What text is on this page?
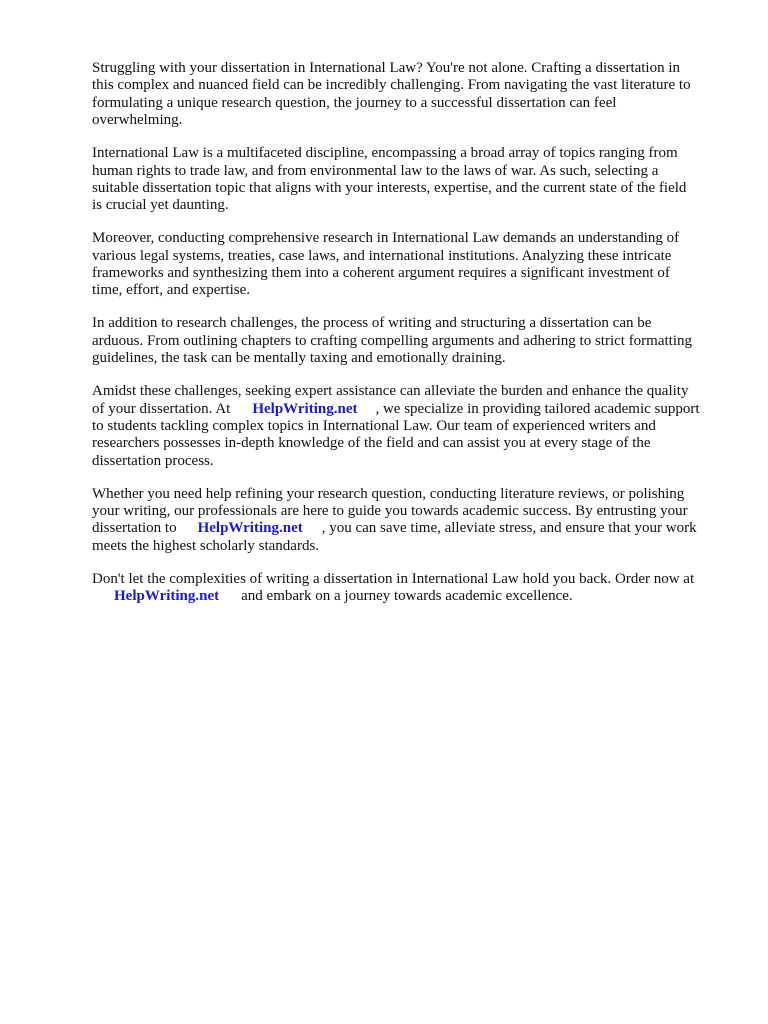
Struggling with your dissertation in International Law? You're not alone. Crafting a dissertation in
this complex and nuanced field can be incredibly challenging. From navigating the vast literature to
formulating a unique research question, the journey to a successful dissertation can feel
overwhelming.

International Law is a multifaceted discipline, encompassing a broad array of topics ranging from
human rights to trade law, and from environmental law to the laws of war. As such, selecting a
suitable dissertation topic that aligns with your interests, expertise, and the current state of the field
is crucial yet daunting.

Moreover, conducting comprehensive research in International Law demands an understanding of
various legal systems, treaties, case laws, and international institutions. Analyzing these intricate
frameworks and synthesizing them into a coherent argument requires a significant investment of
time, effort, and expertise.

In addition to research challenges, the process of writing and structuring a dissertation can be
arduous. From outlining chapters to crafting compelling arguments and adhering to strict formatting
guidelines, the task can be mentally taxing and emotionally draining.

Amidst these challenges, seeking expert assistance can alleviate the burden and enhance the quality
of your dissertation. At HelpWriting.net , we specialize in providing tailored academic support
to students tackling complex topics in International Law. Our team of experienced writers and
researchers possesses in-depth knowledge of the field and can assist you at every stage of the
dissertation process.

Whether you need help refining your research question, conducting literature reviews, or polishing
your writing, our professionals are here to guide you towards academic success. By entrusting your
dissertation to HelpWriting.net , you can save time, alleviate stress, and ensure that your work
meets the highest scholarly standards.

Don't let the complexities of writing a dissertation in International Law hold you back. Order now at
HelpWriting.net and embark on a journey towards academic excellence.
